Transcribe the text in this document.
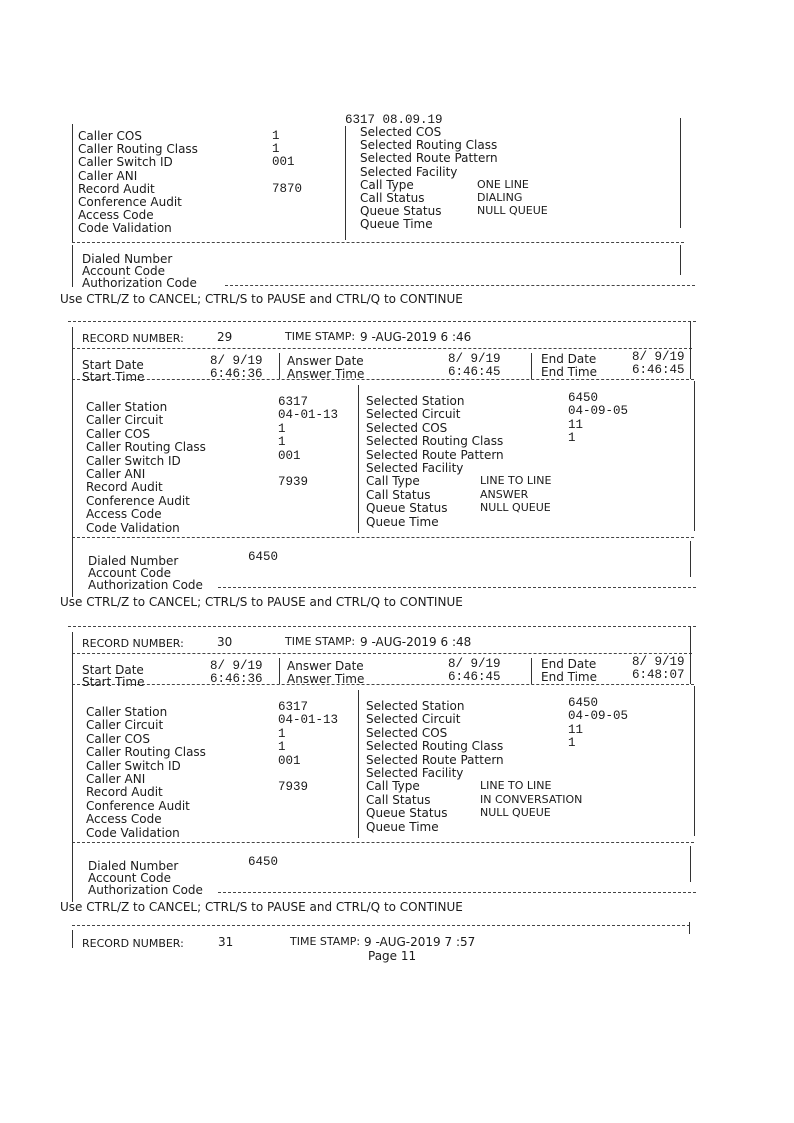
6317 08.09.19
Caller COS	1
Caller Routing Class	1
Caller Switch ID	001
Caller ANI
Record Audit	7870
Conference Audit
Access Code
Code Validation
Selected COS
Selected Routing Class
Selected Route Pattern
Selected Facility
Call Type	ONE LINE
Call Status	DIALING
Queue Status	NULL QUEUE
Queue Time
Dialed Number
Account Code
Authorization Code
Use CTRL/Z to CANCEL; CTRL/S to PAUSE and CTRL/Q to CONTINUE
RECORD NUMBER:	29	TIME STAMP: 9 -AUG-2019 6 :46
Start Date	8/ 9/19
Start Time	6:46:36
Answer Date	8/ 9/19
Answer Time	6:46:45
End Date	8/ 9/19
End Time	6:46:45
Caller Station	6317
Caller Circuit	04-01-13
Caller COS	1
Caller Routing Class	1
Caller Switch ID	001
Caller ANI
Record Audit	7939
Conference Audit
Access Code
Code Validation
Selected Station	6450
Selected Circuit	04-09-05
Selected COS	11
Selected Routing Class	1
Selected Route Pattern
Selected Facility
Call Type	LINE TO LINE
Call Status	ANSWER
Queue Status	NULL QUEUE
Queue Time
Dialed Number	6450
Account Code
Authorization Code
Use CTRL/Z to CANCEL; CTRL/S to PAUSE and CTRL/Q to CONTINUE
RECORD NUMBER:	30	TIME STAMP: 9 -AUG-2019 6 :48
Start Date	8/ 9/19
Start Time	6:46:36
Answer Date	8/ 9/19
Answer Time	6:46:45
End Date	8/ 9/19
End Time	6:48:07
Caller Station	6317
Caller Circuit	04-01-13
Caller COS	1
Caller Routing Class	1
Caller Switch ID	001
Caller ANI
Record Audit	7939
Conference Audit
Access Code
Code Validation
Selected Station	6450
Selected Circuit	04-09-05
Selected COS	11
Selected Routing Class	1
Selected Route Pattern
Selected Facility
Call Type	LINE TO LINE
Call Status	IN CONVERSATION
Queue Status	NULL QUEUE
Queue Time
Dialed Number	6450
Account Code
Authorization Code
Use CTRL/Z to CANCEL; CTRL/S to PAUSE and CTRL/Q to CONTINUE
RECORD NUMBER:	31	TIME STAMP: 9 -AUG-2019 7 :57
Page 11
